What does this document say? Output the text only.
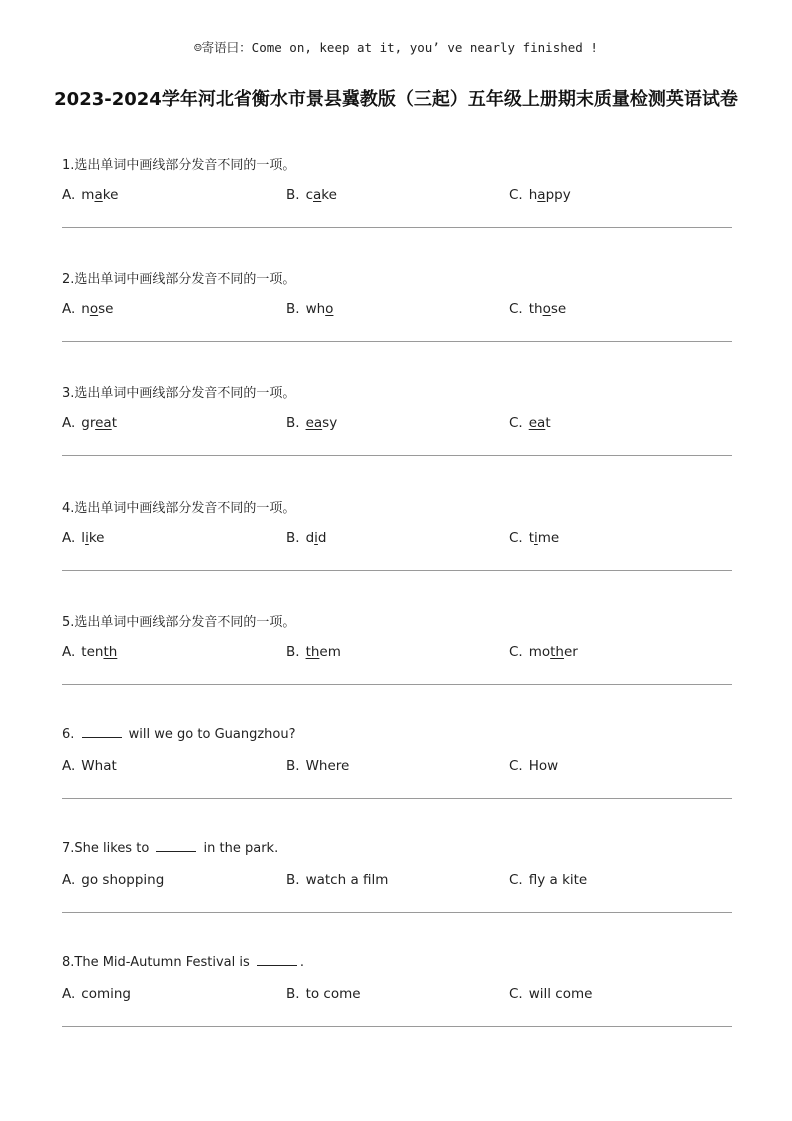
☺寄语曰：Come on, keep at it, you’ ve nearly finished !
2023-2024学年河北省衡水市景县冀教版（三起）五年级上册期末质量检测英语试卷
1.选出单词中画线部分发音不同的一项。
A. make	B. cake	C. happy
2.选出单词中画线部分发音不同的一项。
A. nose	B. who	C. those
3.选出单词中画线部分发音不同的一项。
A. great	B. easy	C. eat
4.选出单词中画线部分发音不同的一项。
A. like	B. did	C. time
5.选出单词中画线部分发音不同的一项。
A. tenth	B. them	C. mother
6.	will we go to Guangzhou?
A. What	B. Where	C. How
7.She likes to	in the park.
A. go shopping	B. watch a film	C. fly a kite
8.The Mid-Autumn Festival is	.
A. coming	B. to come	C. will come
